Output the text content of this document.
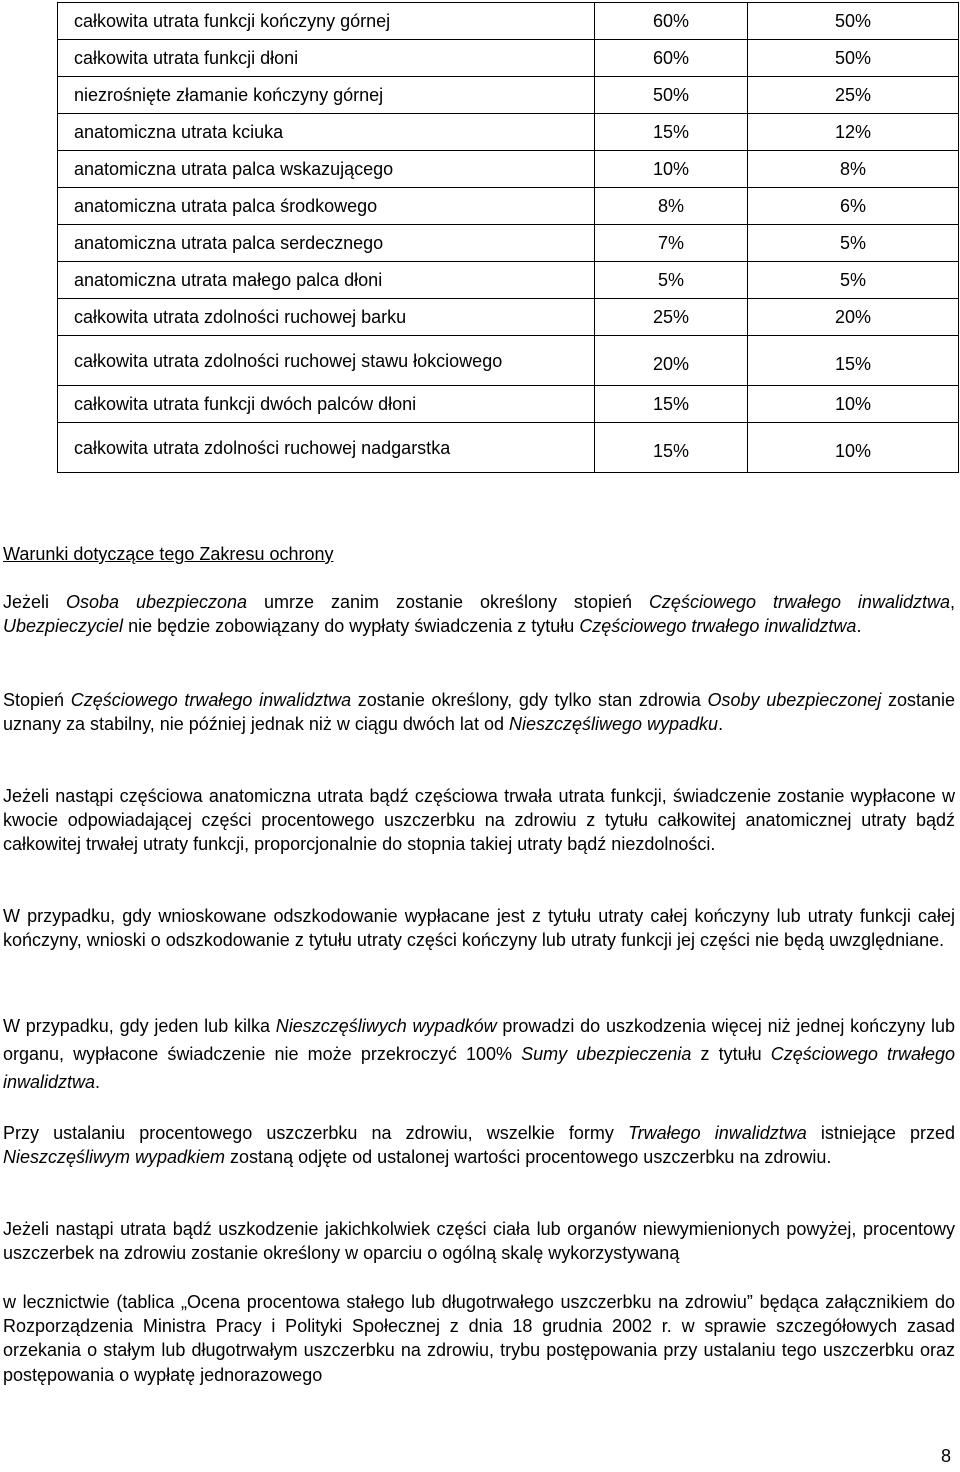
całkowita utrata funkcji kończyny górnej	60%	50%
całkowita utrata funkcji dłoni	60%	50%
niezrośnięte złamanie kończyny górnej	50%	25%
anatomiczna utrata kciuka	15%	12%
anatomiczna utrata palca wskazującego	10%	8%
anatomiczna utrata palca środkowego	8%	6%
anatomiczna utrata palca serdecznego	7%	5%
anatomiczna utrata małego palca dłoni	5%	5%
całkowita utrata zdolności ruchowej barku	25%	20%
całkowita utrata zdolności ruchowej stawu łokciowego	20%	15%
całkowita utrata funkcji dwóch palców dłoni	15%	10%
całkowita utrata zdolności ruchowej nadgarstka	15%	10%
Warunki dotyczące tego Zakresu ochrony

Jeżeli Osoba ubezpieczona umrze zanim zostanie określony stopień Częściowego trwałego inwalidztwa, Ubezpieczyciel nie będzie zobowiązany do wypłaty świadczenia z tytułu Częściowego trwałego inwalidztwa.

Stopień Częściowego trwałego inwalidztwa zostanie określony, gdy tylko stan zdrowia Osoby ubezpieczonej zostanie uznany za stabilny, nie później jednak niż w ciągu dwóch lat od Nieszczęśliwego wypadku.

Jeżeli nastąpi częściowa anatomiczna utrata bądź częściowa trwała utrata funkcji, świadczenie zostanie wypłacone w kwocie odpowiadającej części procentowego uszczerbku na zdrowiu z tytułu całkowitej anatomicznej utraty bądź całkowitej trwałej utraty funkcji, proporcjonalnie do stopnia takiej utraty bądź niezdolności.

W przypadku, gdy wnioskowane odszkodowanie wypłacane jest z tytułu utraty całej kończyny lub utraty funkcji całej kończyny, wnioski o odszkodowanie z tytułu utraty części kończyny lub utraty funkcji jej części nie będą uwzględniane.

W przypadku, gdy jeden lub kilka Nieszczęśliwych wypadków prowadzi do uszkodzenia więcej niż jednej kończyny lub organu, wypłacone świadczenie nie może przekroczyć 100% Sumy ubezpieczenia z tytułu Częściowego trwałego inwalidztwa.

Przy ustalaniu procentowego uszczerbku na zdrowiu, wszelkie formy Trwałego inwalidztwa istniejące przed Nieszczęśliwym wypadkiem zostaną odjęte od ustalonej wartości procentowego uszczerbku na zdrowiu.

Jeżeli nastąpi utrata bądź uszkodzenie jakichkolwiek części ciała lub organów niewymienionych powyżej, procentowy uszczerbek na zdrowiu zostanie określony w oparciu o ogólną skalę wykorzystywaną

w lecznictwie (tablica „Ocena procentowa stałego lub długotrwałego uszczerbku na zdrowiu” będąca załącznikiem do Rozporządzenia Ministra Pracy i Polityki Społecznej z dnia 18 grudnia 2002 r. w sprawie szczegółowych zasad orzekania o stałym lub długotrwałym uszczerbku na zdrowiu, trybu postępowania przy ustalaniu tego uszczerbku oraz postępowania o wypłatę jednorazowego

8
